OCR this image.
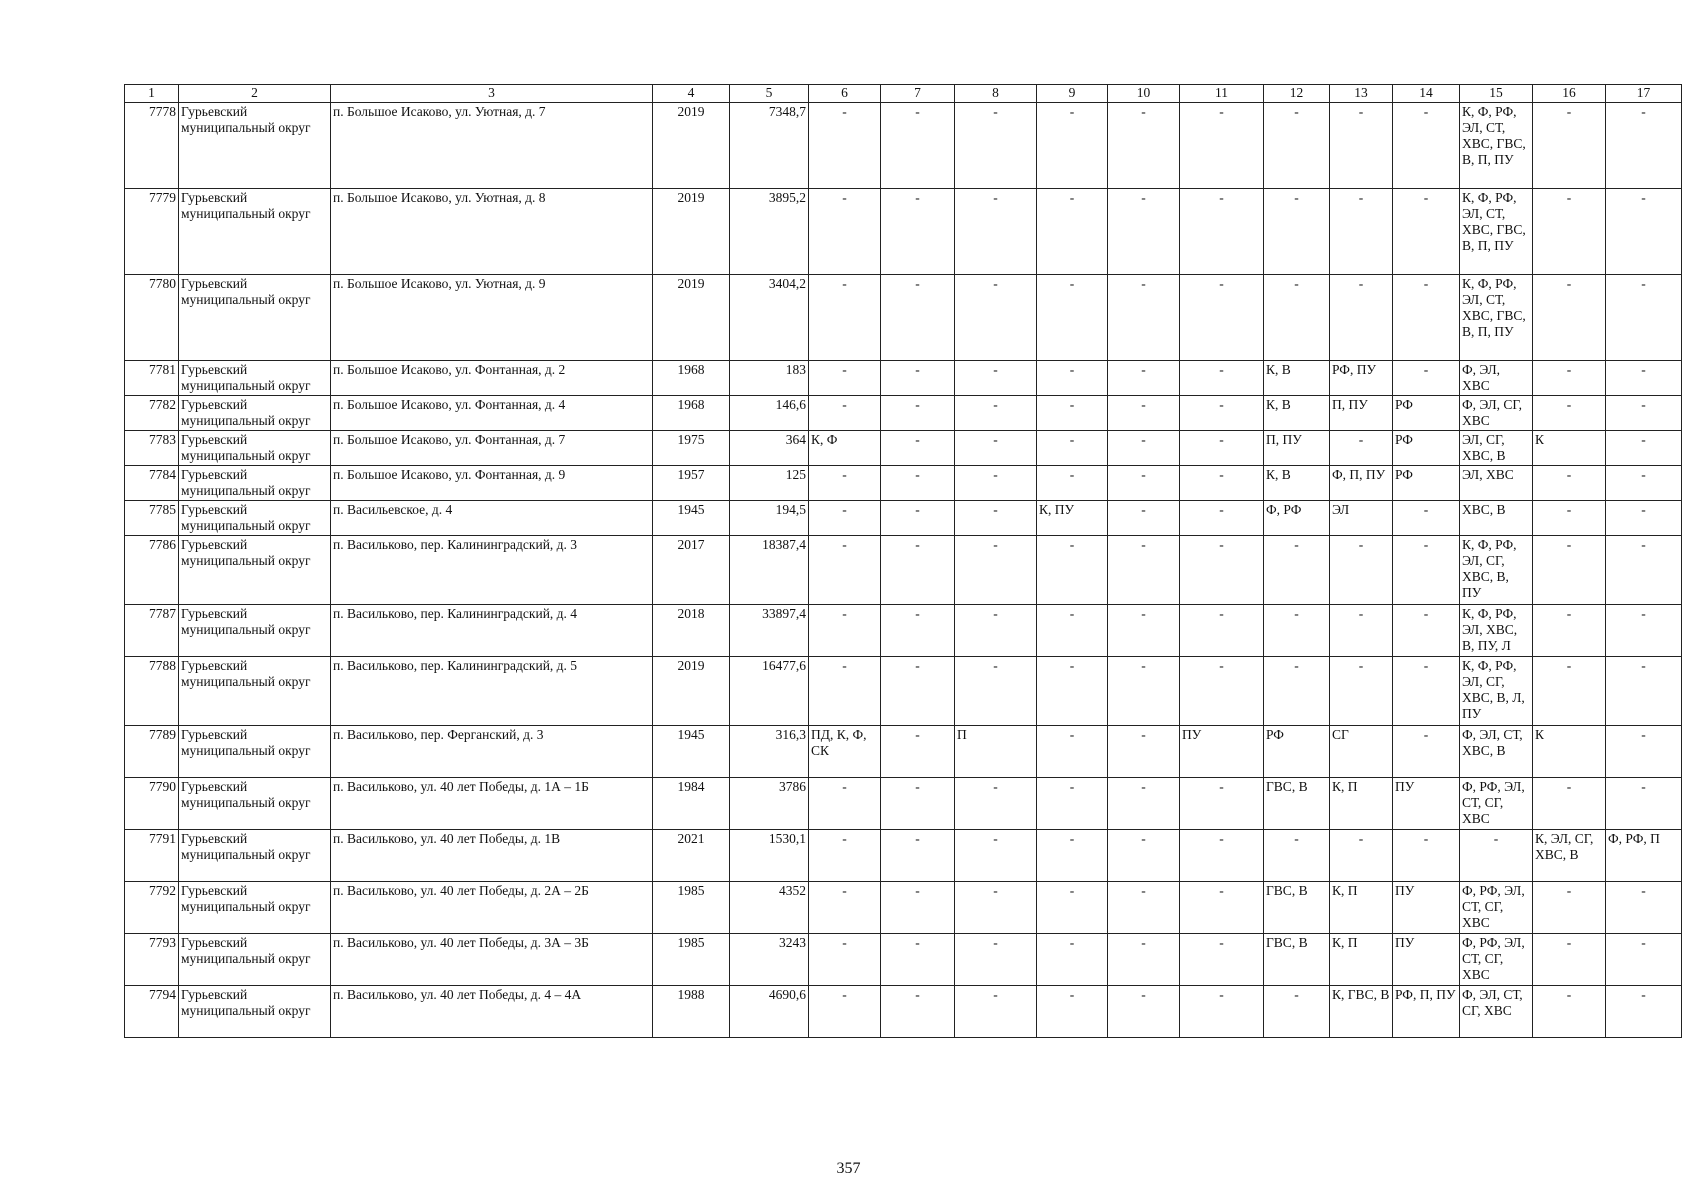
1	2	3	4	5	6	7	8	9	10	11	12	13	14	15	16	17
7778	Гурьевский муниципальный округ	п. Большое Исаково, ул. Уютная, д. 7	2019	7348,7	-	-	-	-	-	-	-	-	-	К, Ф, РФ, ЭЛ, СТ, ХВС, ГВС, В, П, ПУ	-	-
7779	Гурьевский муниципальный округ	п. Большое Исаково, ул. Уютная, д. 8	2019	3895,2	-	-	-	-	-	-	-	-	-	К, Ф, РФ, ЭЛ, СТ, ХВС, ГВС, В, П, ПУ	-	-
7780	Гурьевский муниципальный округ	п. Большое Исаково, ул. Уютная, д. 9	2019	3404,2	-	-	-	-	-	-	-	-	-	К, Ф, РФ, ЭЛ, СТ, ХВС, ГВС, В, П, ПУ	-	-
7781	Гурьевский муниципальный округ	п. Большое Исаково, ул. Фонтанная, д. 2	1968	183	-	-	-	-	-	-	К, В	РФ, ПУ	-	Ф, ЭЛ, ХВС	-	-
7782	Гурьевский муниципальный округ	п. Большое Исаково, ул. Фонтанная, д. 4	1968	146,6	-	-	-	-	-	-	К, В	П, ПУ	РФ	Ф, ЭЛ, СГ, ХВС	-	-
7783	Гурьевский муниципальный округ	п. Большое Исаково, ул. Фонтанная, д. 7	1975	364	К, Ф	-	-	-	-	-	П, ПУ	-	РФ	ЭЛ, СГ, ХВС, В	К	-
7784	Гурьевский муниципальный округ	п. Большое Исаково, ул. Фонтанная, д. 9	1957	125	-	-	-	-	-	-	К, В	Ф, П, ПУ	РФ	ЭЛ, ХВС	-	-
7785	Гурьевский муниципальный округ	п. Васильевское, д. 4	1945	194,5	-	-	-	К, ПУ	-	-	Ф, РФ	ЭЛ	-	ХВС, В	-	-
7786	Гурьевский муниципальный округ	п. Васильково, пер. Калининградский, д. 3	2017	18387,4	-	-	-	-	-	-	-	-	-	К, Ф, РФ, ЭЛ, СГ, ХВС, В, ПУ	-	-
7787	Гурьевский муниципальный округ	п. Васильково, пер. Калининградский, д. 4	2018	33897,4	-	-	-	-	-	-	-	-	-	К, Ф, РФ, ЭЛ, ХВС, В, ПУ, Л	-	-
7788	Гурьевский муниципальный округ	п. Васильково, пер. Калининградский, д. 5	2019	16477,6	-	-	-	-	-	-	-	-	-	К, Ф, РФ, ЭЛ, СГ, ХВС, В, Л, ПУ	-	-
7789	Гурьевский муниципальный округ	п. Васильково, пер. Ферганский, д. 3	1945	316,3	ПД, К, Ф, СК	-	П	-	-	ПУ	РФ	СГ	-	Ф, ЭЛ, СТ, ХВС, В	К	-
7790	Гурьевский муниципальный округ	п. Васильково, ул. 40 лет Победы, д. 1А – 1Б	1984	3786	-	-	-	-	-	-	ГВС, В	К, П	ПУ	Ф, РФ, ЭЛ, СТ, СГ, ХВС	-	-
7791	Гурьевский муниципальный округ	п. Васильково, ул. 40 лет Победы, д. 1В	2021	1530,1	-	-	-	-	-	-	-	-	-	-	К, ЭЛ, СГ, ХВС, В	Ф, РФ, П
7792	Гурьевский муниципальный округ	п. Васильково, ул. 40 лет Победы, д. 2А – 2Б	1985	4352	-	-	-	-	-	-	ГВС, В	К, П	ПУ	Ф, РФ, ЭЛ, СТ, СГ, ХВС	-	-
7793	Гурьевский муниципальный округ	п. Васильково, ул. 40 лет Победы, д. 3А – 3Б	1985	3243	-	-	-	-	-	-	ГВС, В	К, П	ПУ	Ф, РФ, ЭЛ, СТ, СГ, ХВС	-	-
7794	Гурьевский муниципальный округ	п. Васильково, ул. 40 лет Победы, д. 4 – 4А	1988	4690,6	-	-	-	-	-	-	-	К, ГВС, В	РФ, П, ПУ	Ф, ЭЛ, СТ, СГ, ХВС	-	-
357
